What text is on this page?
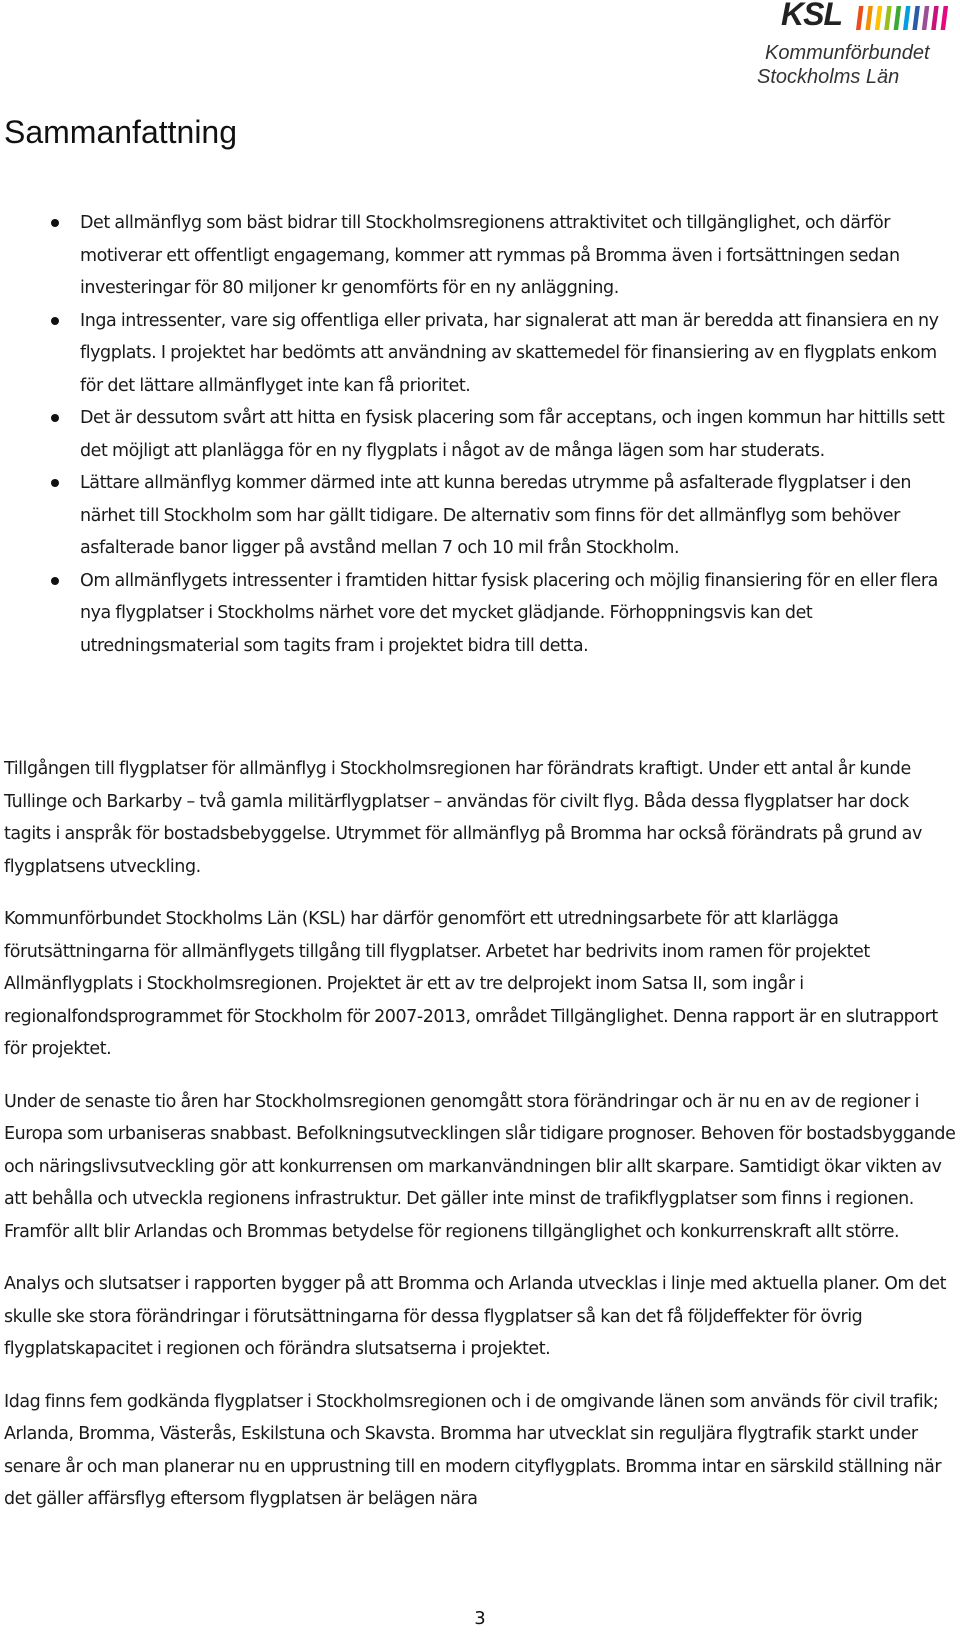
KSL
Kommunförbundet
Stockholms Län
Sammanfattning
Det allmänflyg som bäst bidrar till Stockholmsregionens attraktivitet och tillgänglighet, och därför motiverar ett offentligt engagemang, kommer att rymmas på Bromma även i fortsättningen sedan investeringar för 80 miljoner kr genomförts för en ny anläggning.
Inga intressenter, vare sig offentliga eller privata, har signalerat att man är beredda att finansiera en ny flygplats. I projektet har bedömts att användning av skattemedel för finansiering av en flygplats enkom för det lättare allmänflyget inte kan få prioritet.
Det är dessutom svårt att hitta en fysisk placering som får acceptans, och ingen kommun har hittills sett det möjligt att planlägga för en ny flygplats i något av de många lägen som har studerats.
Lättare allmänflyg kommer därmed inte att kunna beredas utrymme på asfalterade flygplatser i den närhet till Stockholm som har gällt tidigare. De alternativ som finns för det allmänflyg som behöver asfalterade banor ligger på avstånd mellan 7 och 10 mil från Stockholm.
Om allmänflygets intressenter i framtiden hittar fysisk placering och möjlig finansiering för en eller flera nya flygplatser i Stockholms närhet vore det mycket glädjande. Förhoppningsvis kan det utredningsmaterial som tagits fram i projektet bidra till detta.

Tillgången till flygplatser för allmänflyg i Stockholmsregionen har förändrats kraftigt. Under ett antal år kunde Tullinge och Barkarby – två gamla militärflygplatser – användas för civilt flyg. Båda dessa flygplatser har dock tagits i anspråk för bostadsbebyggelse. Utrymmet för allmänflyg på Bromma har också förändrats på grund av flygplatsens utveckling.

Kommunförbundet Stockholms Län (KSL) har därför genomfört ett utredningsarbete för att klarlägga förutsättningarna för allmänflygets tillgång till flygplatser. Arbetet har bedrivits inom ramen för projektet Allmänflygplats i Stockholmsregionen. Projektet är ett av tre delprojekt inom Satsa II, som ingår i regionalfondsprogrammet för Stockholm för 2007-2013, området Tillgänglighet. Denna rapport är en slutrapport för projektet.

Under de senaste tio åren har Stockholmsregionen genomgått stora förändringar och är nu en av de regioner i Europa som urbaniseras snabbast. Befolkningsutvecklingen slår tidigare prognoser. Behoven för bostadsbyggande och näringslivsutveckling gör att konkurrensen om markanvändningen blir allt skarpare. Samtidigt ökar vikten av att behålla och utveckla regionens infrastruktur. Det gäller inte minst de trafikflygplatser som finns i regionen. Framför allt blir Arlandas och Brommas betydelse för regionens tillgänglighet och konkurrenskraft allt större.

Analys och slutsatser i rapporten bygger på att Bromma och Arlanda utvecklas i linje med aktuella planer. Om det skulle ske stora förändringar i förutsättningarna för dessa flygplatser så kan det få följdeffekter för övrig flygplatskapacitet i regionen och förändra slutsatserna i projektet.

Idag finns fem godkända flygplatser i Stockholmsregionen och i de omgivande länen som används för civil trafik; Arlanda, Bromma, Västerås, Eskilstuna och Skavsta. Bromma har utvecklat sin reguljära flygtrafik starkt under senare år och man planerar nu en upprustning till en modern cityflygplats. Bromma intar en särskild ställning när det gäller affärsflyg eftersom flygplatsen är belägen nära

3
